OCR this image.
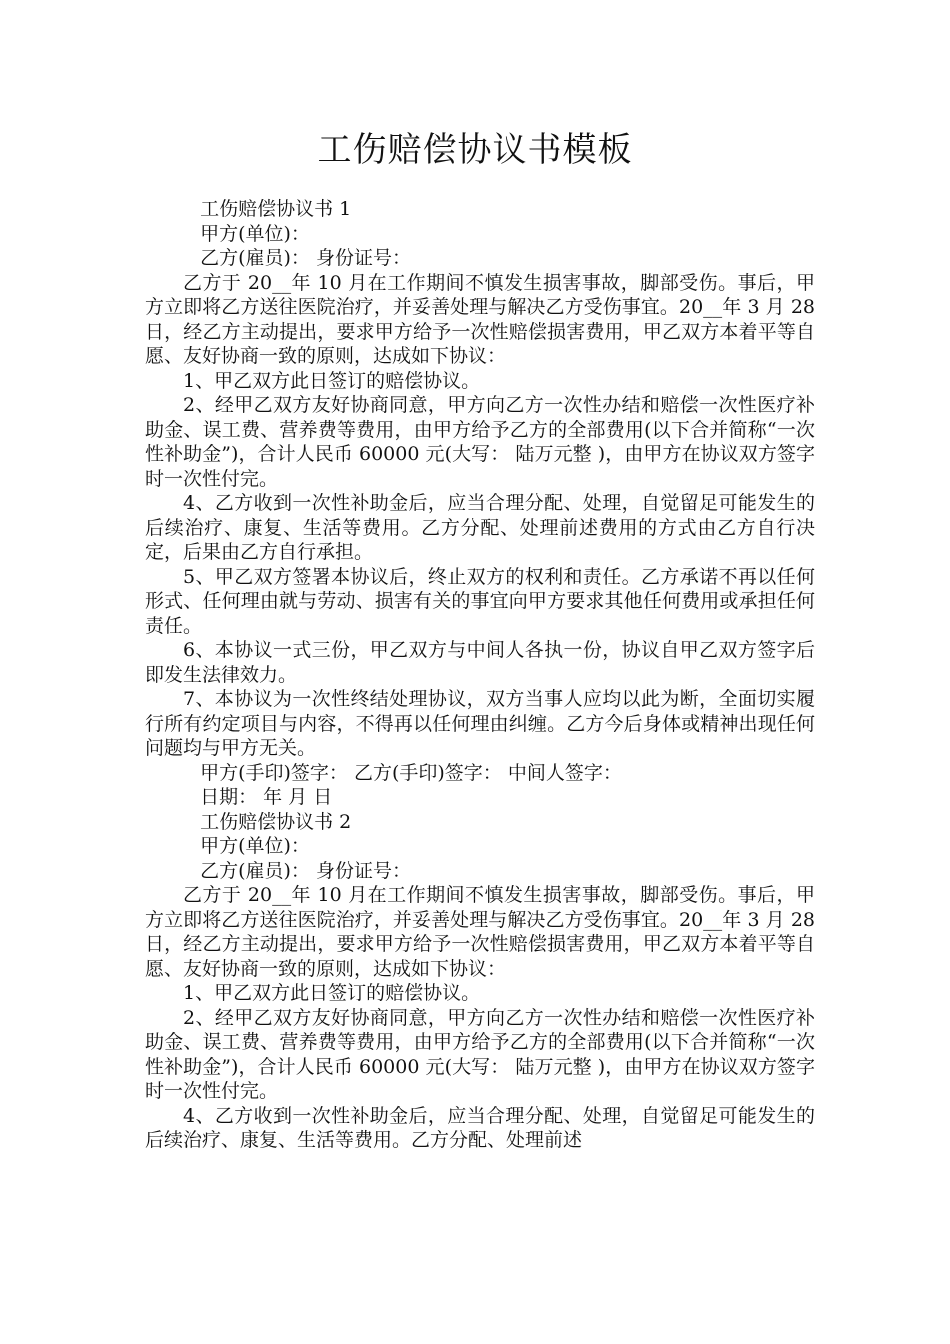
工伤赔偿协议书模板

工伤赔偿协议书 1

甲方(单位)：

乙方(雇员)： 身份证号：

乙方于 20__年 10 月在工作期间不慎发生损害事故，脚部受伤。事后，甲方立即将乙方送往医院治疗，并妥善处理与解决乙方受伤事宜。20__年 3 月 28 日，经乙方主动提出，要求甲方给予一次性赔偿损害费用，甲乙双方本着平等自愿、友好协商一致的原则，达成如下协议：

1、甲乙双方此日签订的赔偿协议。

2、经甲乙双方友好协商同意，甲方向乙方一次性办结和赔偿一次性医疗补助金、误工费、营养费等费用，由甲方给予乙方的全部费用(以下合并简称“一次性补助金”)，合计人民币 60000 元(大写： 陆万元整 )，由甲方在协议双方签字时一次性付完。

4、乙方收到一次性补助金后，应当合理分配、处理，自觉留足可能发生的后续治疗、康复、生活等费用。乙方分配、处理前述费用的方式由乙方自行决定，后果由乙方自行承担。

5、甲乙双方签署本协议后，终止双方的权利和责任。乙方承诺不再以任何形式、任何理由就与劳动、损害有关的事宜向甲方要求其他任何费用或承担任何责任。

6、本协议一式三份，甲乙双方与中间人各执一份，协议自甲乙双方签字后即发生法律效力。

7、本协议为一次性终结处理协议，双方当事人应均以此为断，全面切实履行所有约定项目与内容，不得再以任何理由纠缠。乙方今后身体或精神出现任何问题均与甲方无关。

甲方(手印)签字： 乙方(手印)签字： 中间人签字：

日期： 年 月 日

工伤赔偿协议书 2

甲方(单位)：

乙方(雇员)： 身份证号：

乙方于 20__年 10 月在工作期间不慎发生损害事故，脚部受伤。事后，甲方立即将乙方送往医院治疗，并妥善处理与解决乙方受伤事宜。20__年 3 月 28 日，经乙方主动提出，要求甲方给予一次性赔偿损害费用，甲乙双方本着平等自愿、友好协商一致的原则，达成如下协议：

1、甲乙双方此日签订的赔偿协议。

2、经甲乙双方友好协商同意，甲方向乙方一次性办结和赔偿一次性医疗补助金、误工费、营养费等费用，由甲方给予乙方的全部费用(以下合并简称“一次性补助金”)，合计人民币 60000 元(大写： 陆万元整 )，由甲方在协议双方签字时一次性付完。

4、乙方收到一次性补助金后，应当合理分配、处理，自觉留足可能发生的后续治疗、康复、生活等费用。乙方分配、处理前述
